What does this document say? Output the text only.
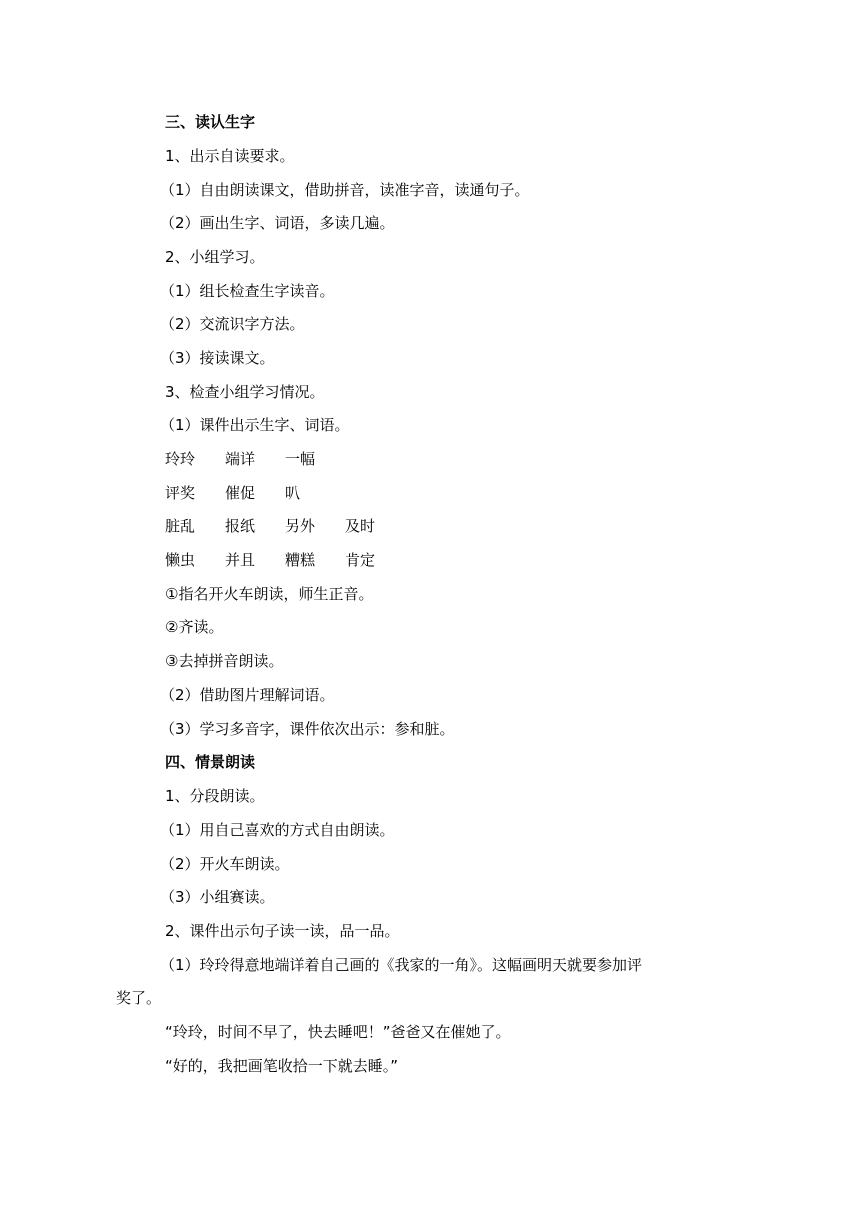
三、读认生字
1、出示自读要求。
（1）自由朗读课文，借助拼音，读准字音，读通句子。
（2）画出生字、词语，多读几遍。
2、小组学习。
（1）组长检查生字读音。
（2）交流识字方法。
（3）接读课文。
3、检查小组学习情况。
（1）课件出示生字、词语。
玲玲 端详 一幅
评奖 催促 叭
脏乱 报纸 另外 及时
懒虫 并且 糟糕 肯定
①指名开火车朗读，师生正音。
②齐读。
③去掉拼音朗读。
（2）借助图片理解词语。
（3）学习多音字，课件依次出示：参和脏。
四、情景朗读
1、分段朗读。
（1）用自己喜欢的方式自由朗读。
（2）开火车朗读。
（3）小组赛读。
2、课件出示句子读一读，品一品。
（1）玲玲得意地端详着自己画的《我家的一角》。这幅画明天就要参加评
奖了。
“玲玲，时间不早了，快去睡吧！”爸爸又在催她了。
“好的，我把画笔收拾一下就去睡。”
